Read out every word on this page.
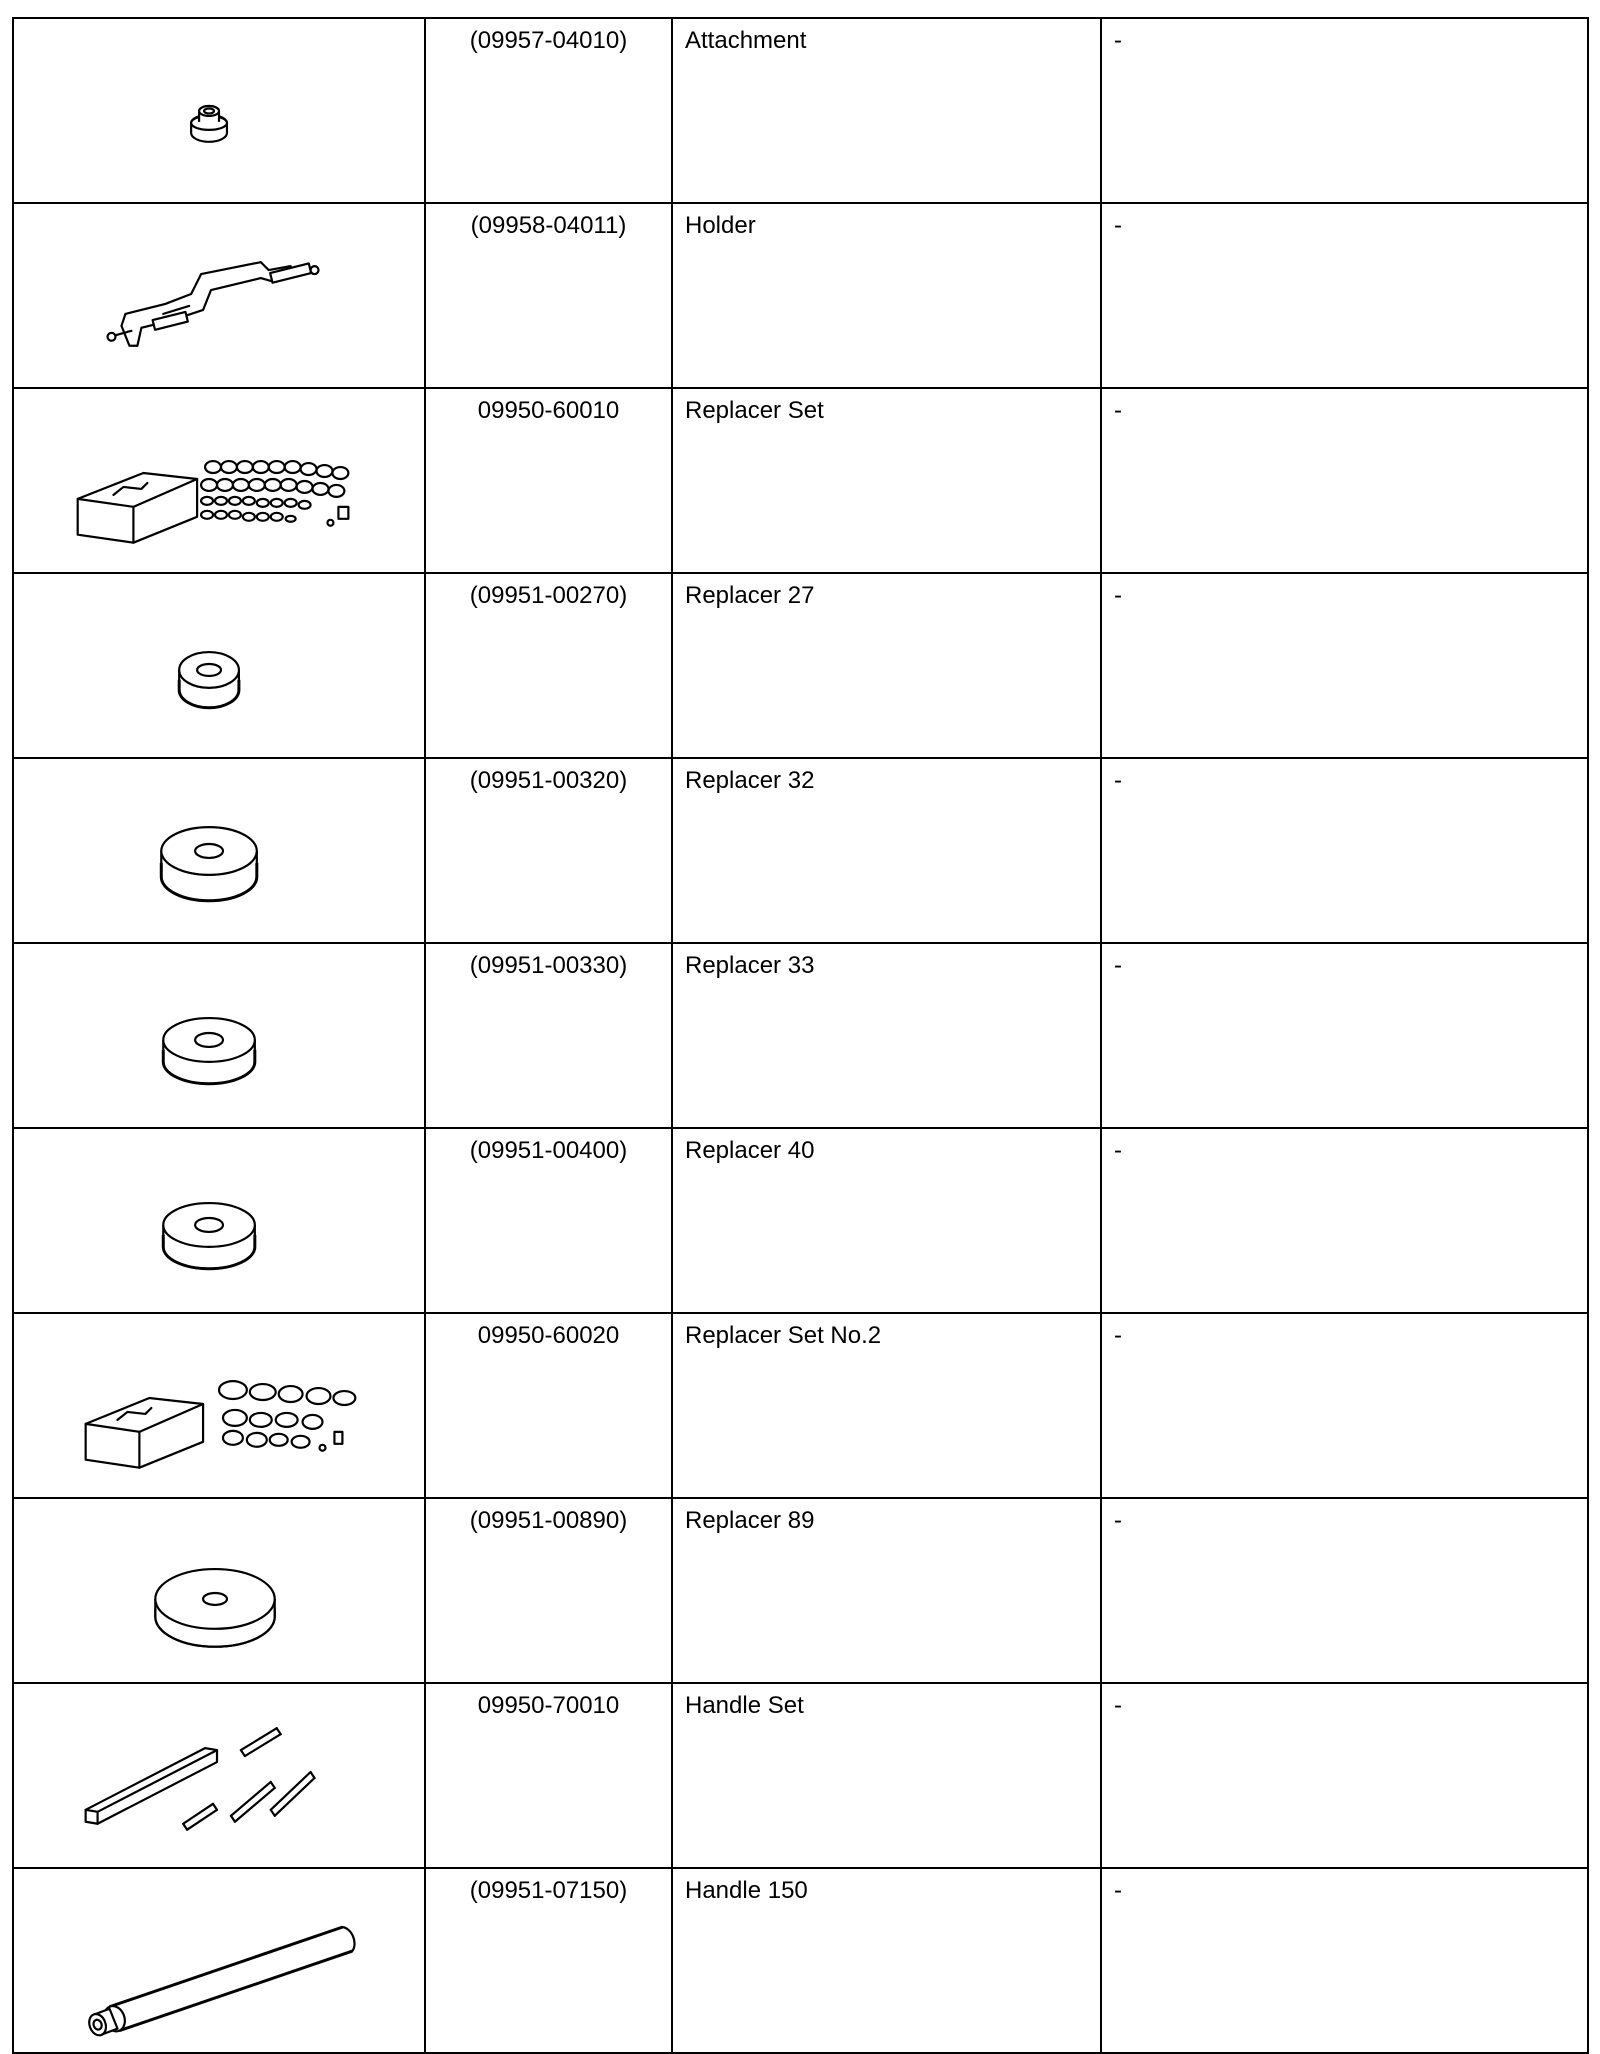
	(09957-04010)	Attachment	-

	(09958-04011)	Holder	-

	09950-60010	Replacer Set	-

	(09951-00270)	Replacer 27	-

	(09951-00320)	Replacer 32	-

	(09951-00330)	Replacer 33	-

	(09951-00400)	Replacer 40	-

	09950-60020	Replacer Set No.2	-

	(09951-00890)	Replacer 89	-

	09950-70010	Handle Set	-

	(09951-07150)	Handle 150	-
